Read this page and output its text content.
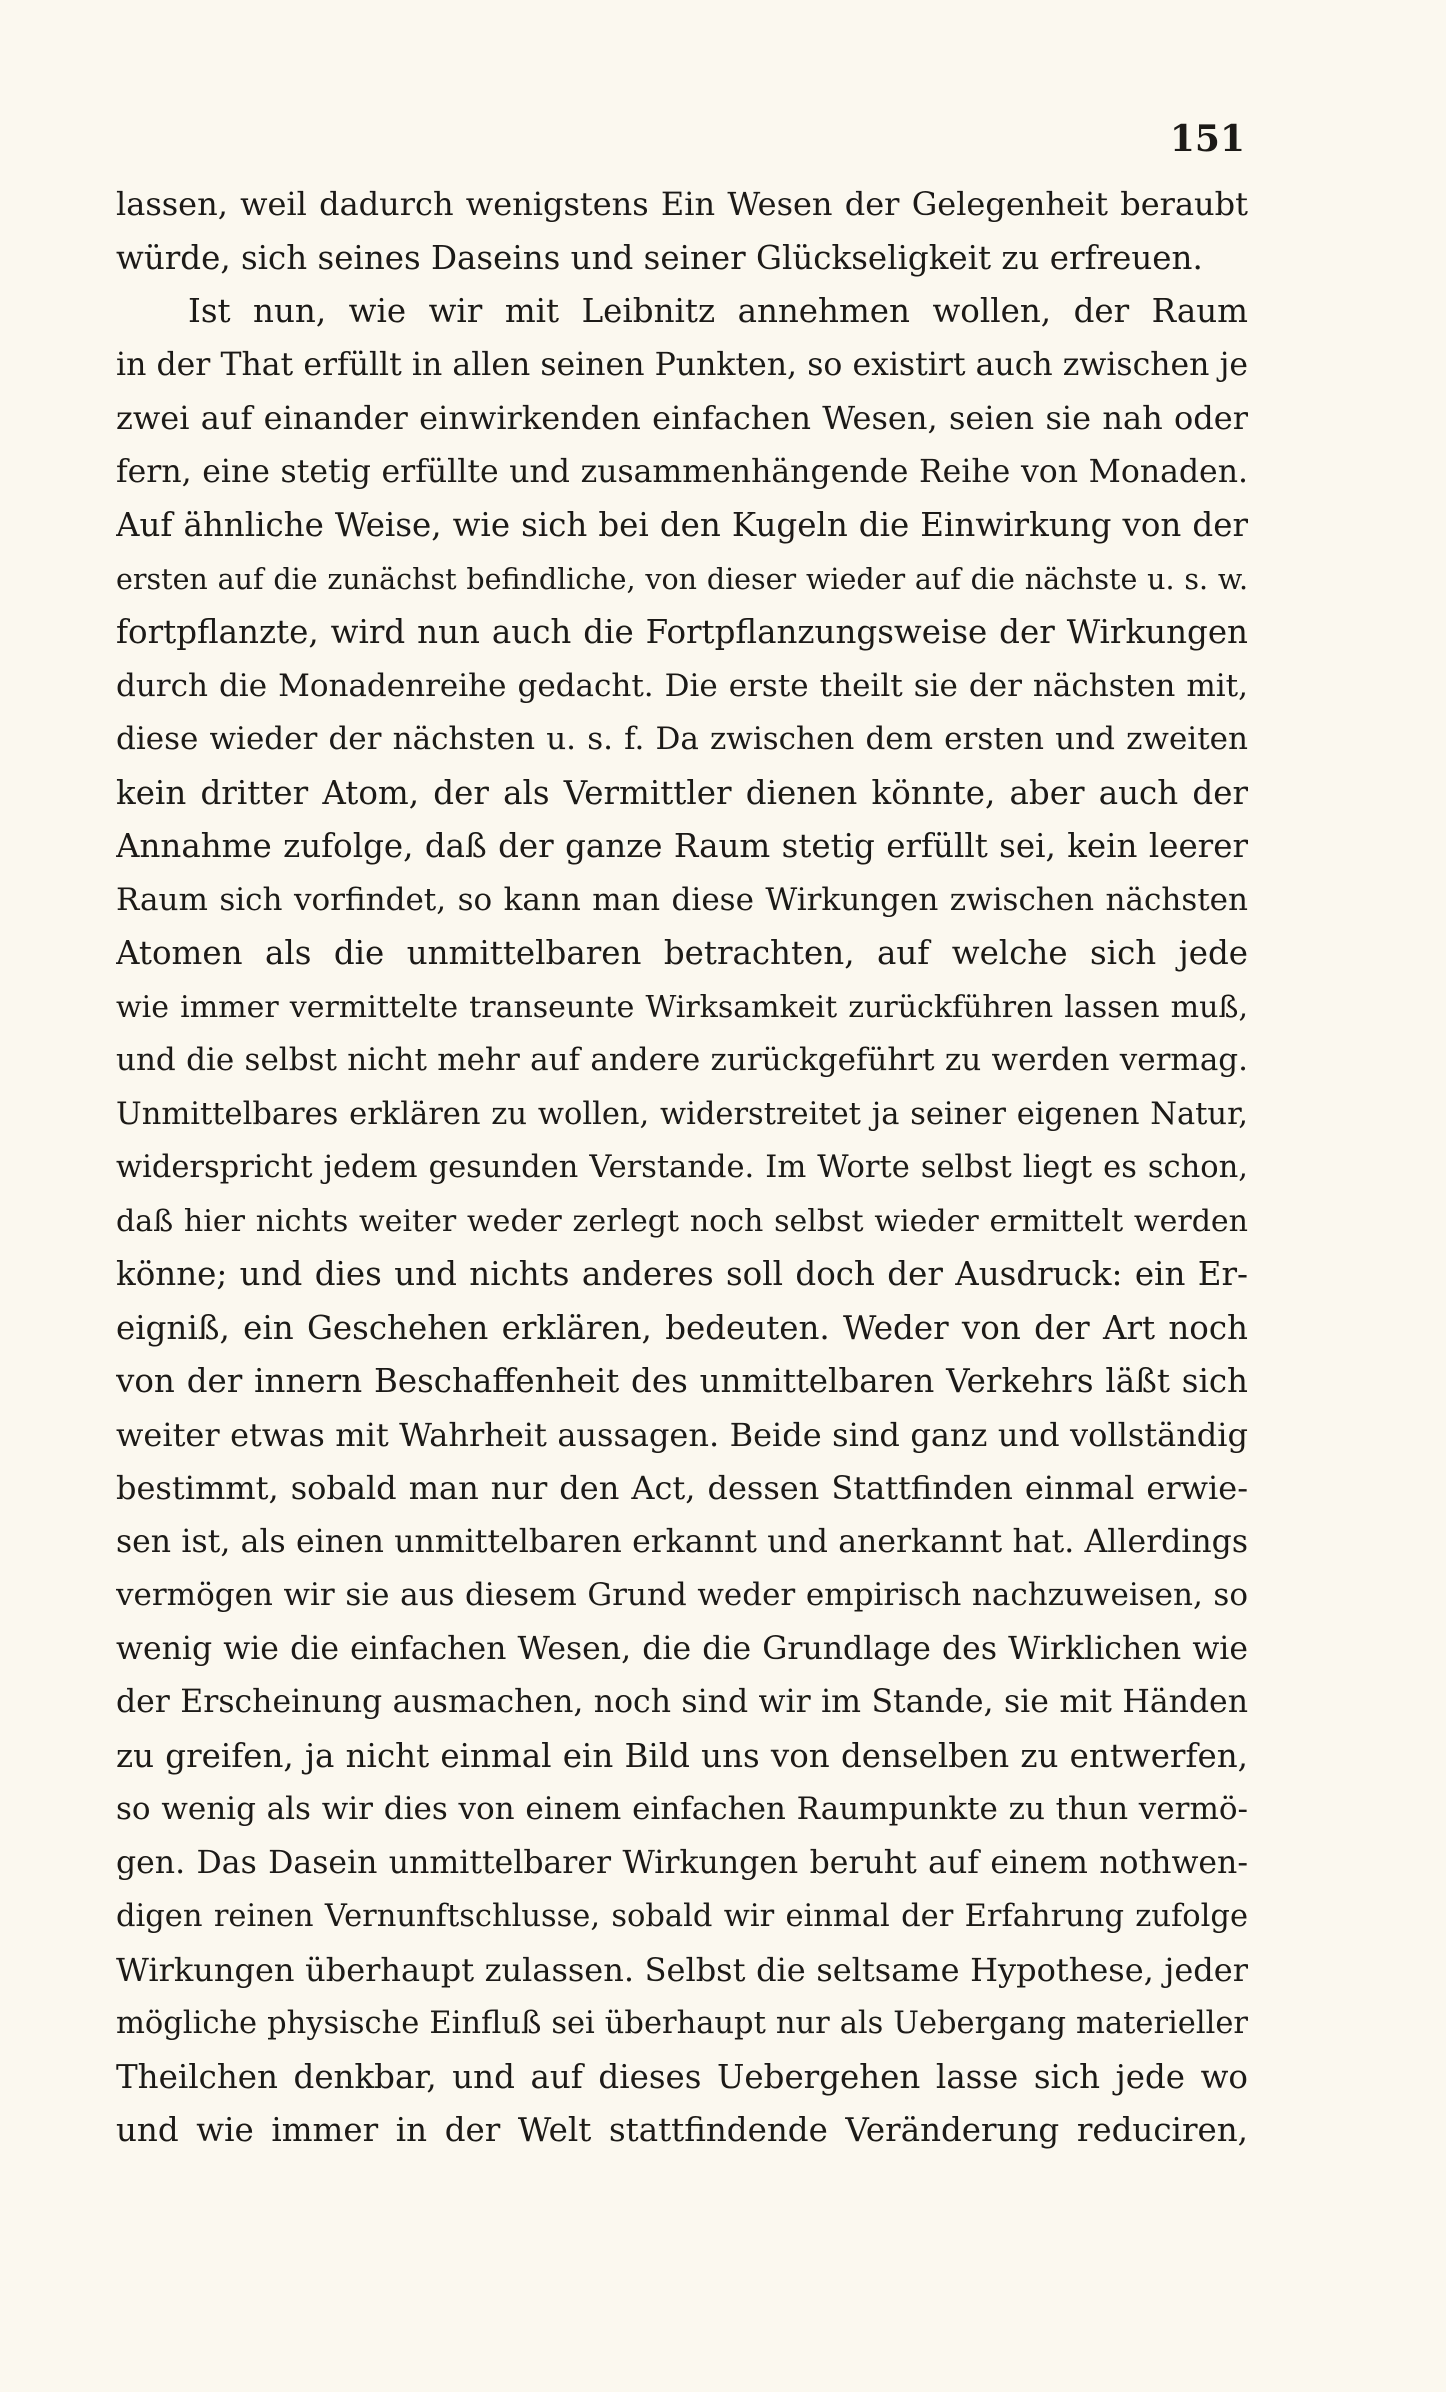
151
lassen, weil dadurch wenigstens Ein Wesen der Gelegenheit beraubt
würde, sich seines Daseins und seiner Glückseligkeit zu erfreuen.
Ist nun, wie wir mit Leibnitz annehmen wollen, der Raum
in der That erfüllt in allen seinen Punkten, so existirt auch zwischen je
zwei auf einander einwirkenden einfachen Wesen, seien sie nah oder
fern, eine stetig erfüllte und zusammenhängende Reihe von Monaden.
Auf ähnliche Weise, wie sich bei den Kugeln die Einwirkung von der
ersten auf die zunächst befindliche, von dieser wieder auf die nächste u. s. w.
fortpflanzte, wird nun auch die Fortpflanzungsweise der Wirkungen
durch die Monadenreihe gedacht. Die erste theilt sie der nächsten mit,
diese wieder der nächsten u. s. f. Da zwischen dem ersten und zweiten
kein dritter Atom, der als Vermittler dienen könnte, aber auch der
Annahme zufolge, daß der ganze Raum stetig erfüllt sei, kein leerer
Raum sich vorfindet, so kann man diese Wirkungen zwischen nächsten
Atomen als die unmittelbaren betrachten, auf welche sich jede
wie immer vermittelte transeunte Wirksamkeit zurückführen lassen muß,
und die selbst nicht mehr auf andere zurückgeführt zu werden vermag.
Unmittelbares erklären zu wollen, widerstreitet ja seiner eigenen Natur,
widerspricht jedem gesunden Verstande. Im Worte selbst liegt es schon,
daß hier nichts weiter weder zerlegt noch selbst wieder ermittelt werden
könne; und dies und nichts anderes soll doch der Ausdruck: ein Er-
eigniß, ein Geschehen erklären, bedeuten. Weder von der Art noch
von der innern Beschaffenheit des unmittelbaren Verkehrs läßt sich
weiter etwas mit Wahrheit aussagen. Beide sind ganz und vollständig
bestimmt, sobald man nur den Act, dessen Stattfinden einmal erwie-
sen ist, als einen unmittelbaren erkannt und anerkannt hat. Allerdings
vermögen wir sie aus diesem Grund weder empirisch nachzuweisen, so
wenig wie die einfachen Wesen, die die Grundlage des Wirklichen wie
der Erscheinung ausmachen, noch sind wir im Stande, sie mit Händen
zu greifen, ja nicht einmal ein Bild uns von denselben zu entwerfen,
so wenig als wir dies von einem einfachen Raumpunkte zu thun vermö-
gen. Das Dasein unmittelbarer Wirkungen beruht auf einem nothwen-
digen reinen Vernunftschlusse, sobald wir einmal der Erfahrung zufolge
Wirkungen überhaupt zulassen. Selbst die seltsame Hypothese, jeder
mögliche physische Einfluß sei überhaupt nur als Uebergang materieller
Theilchen denkbar, und auf dieses Uebergehen lasse sich jede wo
und wie immer in der Welt stattfindende Veränderung reduciren,
